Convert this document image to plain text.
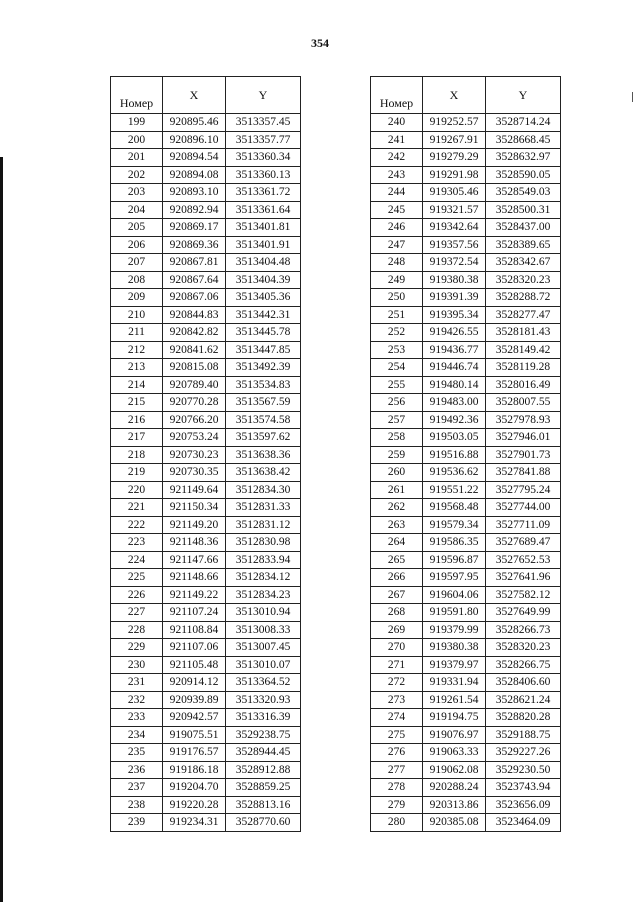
354
Номер	X	Y
199	920895.46	3513357.45
200	920896.10	3513357.77
201	920894.54	3513360.34
202	920894.08	3513360.13
203	920893.10	3513361.72
204	920892.94	3513361.64
205	920869.17	3513401.81
206	920869.36	3513401.91
207	920867.81	3513404.48
208	920867.64	3513404.39
209	920867.06	3513405.36
210	920844.83	3513442.31
211	920842.82	3513445.78
212	920841.62	3513447.85
213	920815.08	3513492.39
214	920789.40	3513534.83
215	920770.28	3513567.59
216	920766.20	3513574.58
217	920753.24	3513597.62
218	920730.23	3513638.36
219	920730.35	3513638.42
220	921149.64	3512834.30
221	921150.34	3512831.33
222	921149.20	3512831.12
223	921148.36	3512830.98
224	921147.66	3512833.94
225	921148.66	3512834.12
226	921149.22	3512834.23
227	921107.24	3513010.94
228	921108.84	3513008.33
229	921107.06	3513007.45
230	921105.48	3513010.07
231	920914.12	3513364.52
232	920939.89	3513320.93
233	920942.57	3513316.39
234	919075.51	3529238.75
235	919176.57	3528944.45
236	919186.18	3528912.88
237	919204.70	3528859.25
238	919220.28	3528813.16
239	919234.31	3528770.60
Номер	X	Y
240	919252.57	3528714.24
241	919267.91	3528668.45
242	919279.29	3528632.97
243	919291.98	3528590.05
244	919305.46	3528549.03
245	919321.57	3528500.31
246	919342.64	3528437.00
247	919357.56	3528389.65
248	919372.54	3528342.67
249	919380.38	3528320.23
250	919391.39	3528288.72
251	919395.34	3528277.47
252	919426.55	3528181.43
253	919436.77	3528149.42
254	919446.74	3528119.28
255	919480.14	3528016.49
256	919483.00	3528007.55
257	919492.36	3527978.93
258	919503.05	3527946.01
259	919516.88	3527901.73
260	919536.62	3527841.88
261	919551.22	3527795.24
262	919568.48	3527744.00
263	919579.34	3527711.09
264	919586.35	3527689.47
265	919596.87	3527652.53
266	919597.95	3527641.96
267	919604.06	3527582.12
268	919591.80	3527649.99
269	919379.99	3528266.73
270	919380.38	3528320.23
271	919379.97	3528266.75
272	919331.94	3528406.60
273	919261.54	3528621.24
274	919194.75	3528820.28
275	919076.97	3529188.75
276	919063.33	3529227.26
277	919062.08	3529230.50
278	920288.24	3523743.94
279	920313.86	3523656.09
280	920385.08	3523464.09
